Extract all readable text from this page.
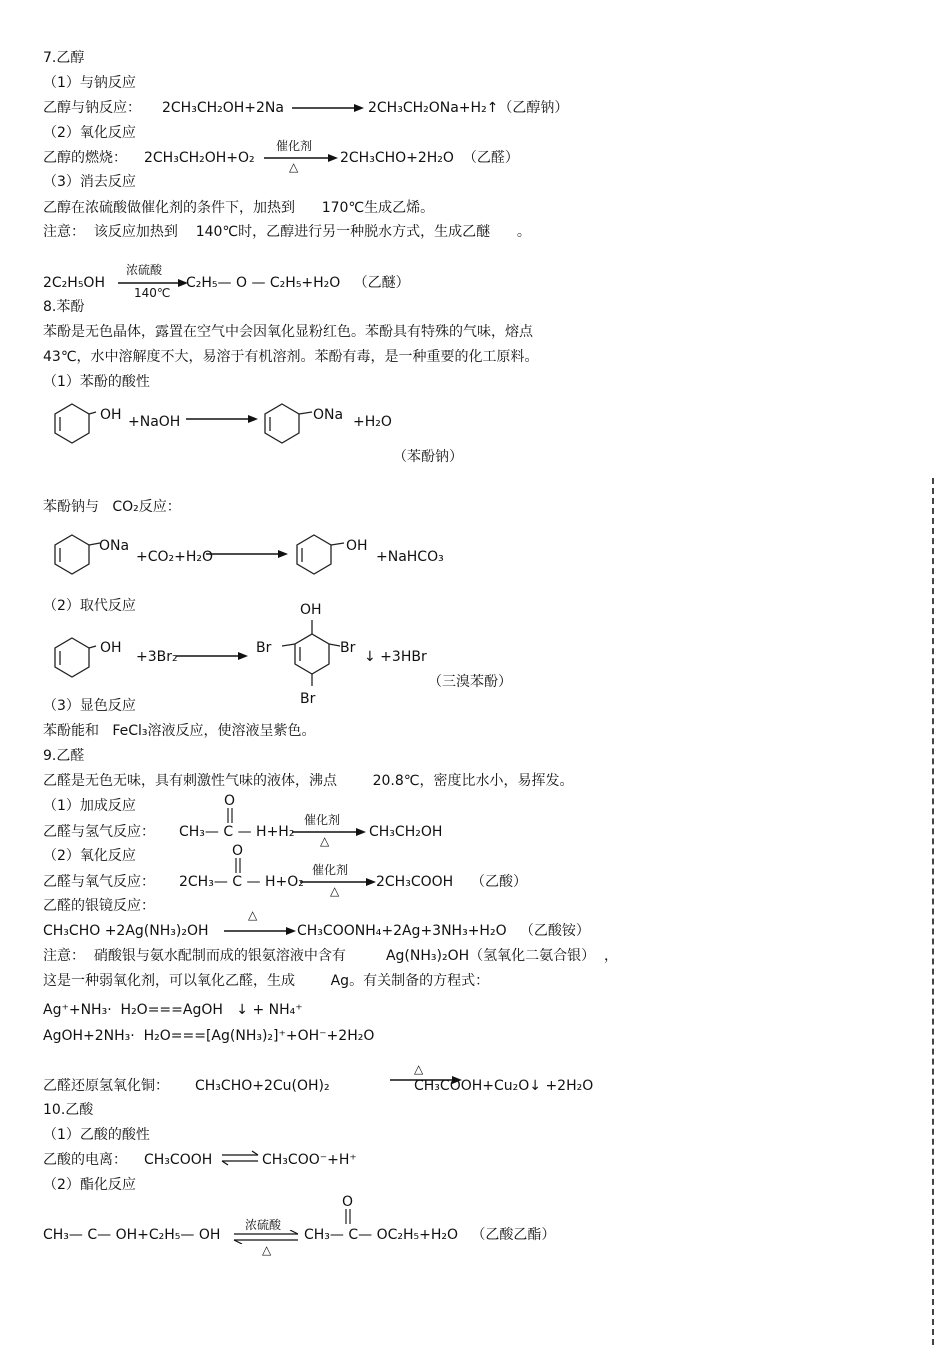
7.乙醇
（1）与钠反应
乙醇与钠反应： 2CH₃CH₂OH+2Na	2CH₃CH₂ONa+H₂↑（乙醇钠）
（2）氧化反应
乙醇的燃烧： 2CH₃CH₂OH+O₂
催化剂
△
2CH₃CHO+2H₂O  （乙醛）
（3）消去反应
乙醇在浓硫酸做催化剂的条件下，加热到      170℃生成乙烯。
注意：  该反应加热到    140℃时，乙醇进行另一种脱水方式，生成乙醚      。
2C₂H₅OH
浓硫酸
140℃
C₂H₅— O — C₂H₅+H₂O   （乙醚）
8.苯酚
苯酚是无色晶体，露置在空气中会因氧化显粉红色。苯酚具有特殊的气味，熔点
43℃，水中溶解度不大，易溶于有机溶剂。苯酚有毒，是一种重要的化工原料。
（1）苯酚的酸性
OH +NaOH	ONa +H₂O
（苯酚钠）
苯酚钠与   CO₂反应：
ONa
+CO₂+H₂O
OH
+NaHCO₃
（2）取代反应
OH
+3Br₂
OH
Br	Br
Br
↓ +3HBr
（三溴苯酚）
（3）显色反应
苯酚能和   FeCl₃溶液反应，使溶液呈紫色。
9.乙醛
乙醛是无色无味，具有刺激性气味的液体，沸点        20.8℃，密度比水小，易挥发。
（1）加成反应	O
乙醛与氢气反应： CH₃— C — H+H₂
催化剂
△
CH₃CH₂OH
（2）氧化反应	O
乙醛与氧气反应： 2CH₃— C — H+O₂
催化剂
△
2CH₃COOH    （乙酸）
乙醛的银镜反应：
CH₃CHO +2Ag(NH₃)₂OH
△
CH₃COONH₄+2Ag+3NH₃+H₂O   （乙酸铵）
注意：  硝酸银与氨水配制而成的银氨溶液中含有         Ag(NH₃)₂OH（氢氧化二氨合银）  ，
这是一种弱氧化剂，可以氧化乙醛，生成        Ag。有关制备的方程式：
Ag⁺+NH₃·  H₂O===AgOH   ↓ + NH₄⁺
AgOH+2NH₃·  H₂O===[Ag(NH₃)₂]⁺+OH⁻+2H₂O
△
乙醛还原氢氧化铜： CH₃CHO+2Cu(OH)₂	CH₃COOH+Cu₂O↓ +2H₂O
10.乙酸
（1）乙酸的酸性
乙酸的电离： CH₃COOH ⇌ CH₃COO⁻+H⁺
（2）酯化反应
O
CH₃— C— OH+C₂H₅— OH
浓硫酸
△
CH₃— C— OC₂H₅+H₂O   （乙酸乙酯）
